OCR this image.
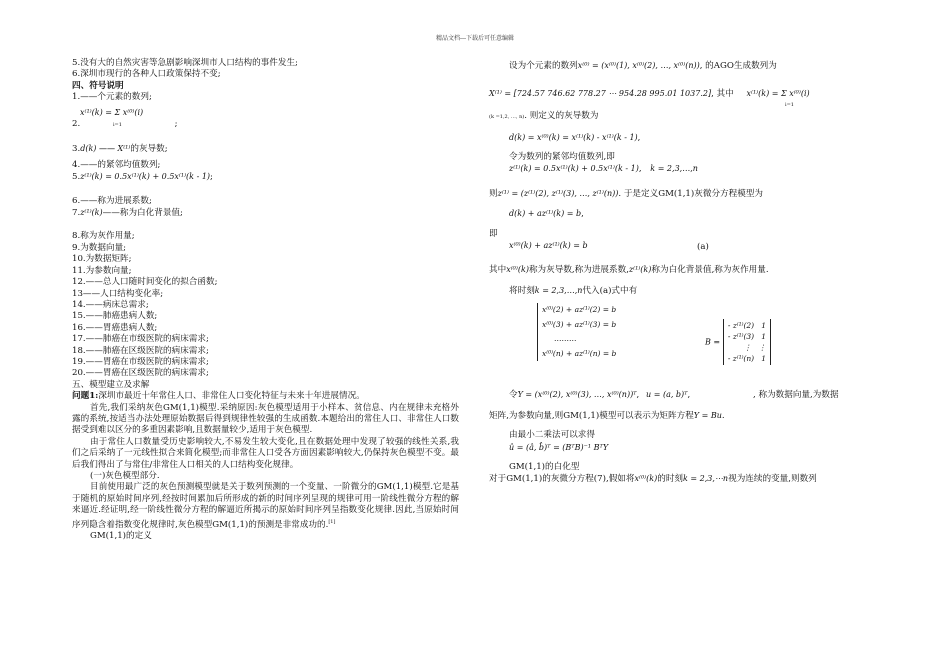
精品文档---下载后可任意编辑
5.没有大的自然灾害等急剧影响深圳市人口结构的事件发生;
6.深圳市现行的各种人口政策保持不变;
四、符号说明
1.——个元素的数列;
x⁽¹⁾(k) = Σ x⁽⁰⁾(i)
2.	i=1	;
3.d(k) —— X⁽¹⁾的灰导数;
4.——的紧邻均值数列;
5.z⁽¹⁾(k) = 0.5x⁽¹⁾(k) + 0.5x⁽¹⁾(k - 1);
6.——称为进展系数;
7.z⁽¹⁾(k)——称为白化背景值;
8.称为灰作用量;
9.为数据向量;
10.为数据矩阵;
11.为参数向量;
12.——总人口随时间变化的拟合函数;
13——人口结构变化率;
14.——病床总需求;
15.——肺癌患病人数;
16.——胃癌患病人数;
17.——肺癌在市级医院的病床需求;
18.——肺癌在区级医院的病床需求;
19.——胃癌在市级医院的病床需求;
20.——胃癌在区级医院的病床需求;
五、模型建立及求解
问题1:深圳市最近十年常住人口、非常住人口变化特征与未来十年进展情况。
首先,我们采纳灰色GM(1,1)模型.采纳原因:灰色模型适用于小样本、贫信息、内在规律未充格外露的系统,按适当办法处理原始数据后得到规律性较强的生成函数.本题给出的常住人口、非常住人口数据受到难以区分的多重因素影响,且数据量较少,适用于灰色模型.
由于常住人口数量受历史影响较大,不易发生较大变化,且在数据处理中发现了较强的线性关系,我们之后采纳了一元线性拟合来简化模型;而非常住人口受各方面因素影响较大,仍保持灰色模型不变。最后我们得出了与常住/非常住人口相关的人口结构变化规律。
(一)灰色模型部分.
目前使用最广泛的灰色预测模型就是关于数列预测的一个变量、一阶微分的GM(1,1)模型.它是基于随机的原始时间序列,经按时间累加后所形成的新的时间序列呈现的规律可用一阶线性微分方程的解来逼近.经证明,经一阶线性微分方程的解逼近所揭示的原始时间序列呈指数变化规律.因此,当原始时间序列隐含着指数变化规律时,灰色模型GM(1,1)的预测是非常成功的.[1]
GM(1,1)的定义
设为个元素的数列x⁽⁰⁾ = (x⁽⁰⁾(1), x⁽⁰⁾(2), …, x⁽⁰⁾(n)), 的AGO生成数列为
X⁽¹⁾ = [724.57 746.62 778.27 ⋯ 954.28 995.01 1037.2], 其中 x⁽¹⁾(k) = Σ x⁽⁰⁾(i)
i=1
(k =1,2, …, n). 则定义的灰导数为
d(k) = x⁽⁰⁾(k) = x⁽¹⁾(k) - x⁽¹⁾(k - 1),
令为数列的紧邻均值数列,即
z⁽¹⁾(k) = 0.5x⁽¹⁾(k) + 0.5x⁽¹⁾(k - 1), k = 2,3,…,n
则z⁽¹⁾ = (z⁽¹⁾(2), z⁽¹⁾(3), …, z⁽¹⁾(n)). 于是定义GM(1,1)灰微分方程模型为
d(k) + az⁽¹⁾(k) = b,
即
x⁽⁰⁾(k) + az⁽¹⁾(k) = b	(a)
其中x⁽⁰⁾(k)称为灰导数,称为进展系数,z⁽¹⁾(k)称为白化背景值,称为灰作用量.
将时刻k = 2,3,…,n代入(a)式中有
x⁽⁰⁾(2) + az⁽¹⁾(2) = b
x⁽⁰⁾(3) + az⁽¹⁾(3) = b
………
x⁽⁰⁾(n) + az⁽¹⁾(n) = b
B =
- z⁽¹⁾(2) 1
- z⁽¹⁾(3) 1
⋮ ⋮
- z⁽¹⁾(n) 1
令Y = (x⁽⁰⁾(2), x⁽⁰⁾(3), …, x⁽⁰⁾(n))ᵀ, u = (a, b)ᵀ,	, 称为数据向量,为数据
矩阵,为参数向量,则GM(1,1)模型可以表示为矩阵方程Y = Bu.
由最小二乘法可以求得
û = (â, b̂)ᵀ = (BᵀB)⁻¹ BᵀY
GM(1,1)的白化型
对于GM(1,1)的灰微分方程(7),假如将x⁽⁰⁾(k)的时刻k = 2,3,⋯n视为连续的变量,则数列
